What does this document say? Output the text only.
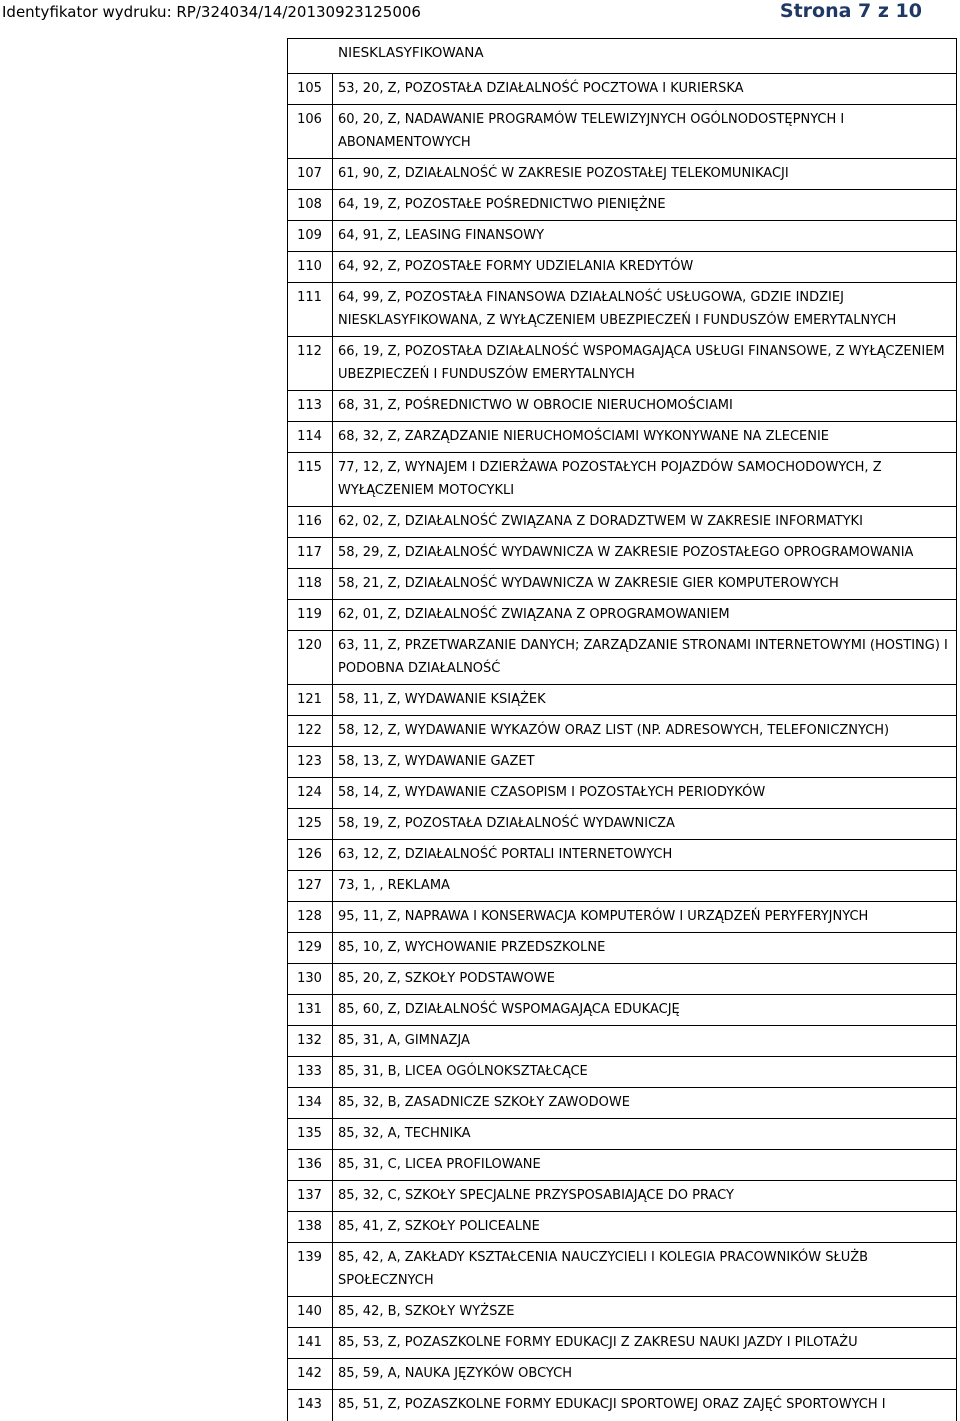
Identyfikator wydruku: RP/324034/14/20130923125006	Strona 7 z 10
NIESKLASYFIKOWANA
105	53, 20, Z, POZOSTAŁA DZIAŁALNOŚĆ POCZTOWA I KURIERSKA
106	60, 20, Z, NADAWANIE PROGRAMÓW TELEWIZYJNYCH OGÓLNODOSTĘPNYCH I ABONAMENTOWYCH
107	61, 90, Z, DZIAŁALNOŚĆ W ZAKRESIE POZOSTAŁEJ TELEKOMUNIKACJI
108	64, 19, Z, POZOSTAŁE POŚREDNICTWO PIENIĘŻNE
109	64, 91, Z, LEASING FINANSOWY
110	64, 92, Z, POZOSTAŁE FORMY UDZIELANIA KREDYTÓW
111	64, 99, Z, POZOSTAŁA FINANSOWA DZIAŁALNOŚĆ USŁUGOWA, GDZIE INDZIEJ NIESKLASYFIKOWANA, Z WYŁĄCZENIEM UBEZPIECZEŃ I FUNDUSZÓW EMERYTALNYCH
112	66, 19, Z, POZOSTAŁA DZIAŁALNOŚĆ WSPOMAGAJĄCA USŁUGI FINANSOWE, Z WYŁĄCZENIEM UBEZPIECZEŃ I FUNDUSZÓW EMERYTALNYCH
113	68, 31, Z, POŚREDNICTWO W OBROCIE NIERUCHOMOŚCIAMI
114	68, 32, Z, ZARZĄDZANIE NIERUCHOMOŚCIAMI WYKONYWANE NA ZLECENIE
115	77, 12, Z, WYNAJEM I DZIERŻAWA POZOSTAŁYCH POJAZDÓW SAMOCHODOWYCH, Z WYŁĄCZENIEM MOTOCYKLI
116	62, 02, Z, DZIAŁALNOŚĆ ZWIĄZANA Z DORADZTWEM W ZAKRESIE INFORMATYKI
117	58, 29, Z, DZIAŁALNOŚĆ WYDAWNICZA W ZAKRESIE POZOSTAŁEGO OPROGRAMOWANIA
118	58, 21, Z, DZIAŁALNOŚĆ WYDAWNICZA W ZAKRESIE GIER KOMPUTEROWYCH
119	62, 01, Z, DZIAŁALNOŚĆ ZWIĄZANA Z OPROGRAMOWANIEM
120	63, 11, Z, PRZETWARZANIE DANYCH; ZARZĄDZANIE STRONAMI INTERNETOWYMI (HOSTING) I PODOBNA DZIAŁALNOŚĆ
121	58, 11, Z, WYDAWANIE KSIĄŻEK
122	58, 12, Z, WYDAWANIE WYKAZÓW ORAZ LIST (NP. ADRESOWYCH, TELEFONICZNYCH)
123	58, 13, Z, WYDAWANIE GAZET
124	58, 14, Z, WYDAWANIE CZASOPISM I POZOSTAŁYCH PERIODYKÓW
125	58, 19, Z, POZOSTAŁA DZIAŁALNOŚĆ WYDAWNICZA
126	63, 12, Z, DZIAŁALNOŚĆ PORTALI INTERNETOWYCH
127	73, 1, , REKLAMA
128	95, 11, Z, NAPRAWA I KONSERWACJA KOMPUTERÓW I URZĄDZEŃ PERYFERYJNYCH
129	85, 10, Z, WYCHOWANIE PRZEDSZKOLNE
130	85, 20, Z, SZKOŁY PODSTAWOWE
131	85, 60, Z, DZIAŁALNOŚĆ WSPOMAGAJĄCA EDUKACJĘ
132	85, 31, A, GIMNAZJA
133	85, 31, B, LICEA OGÓLNOKSZTAŁCĄCE
134	85, 32, B, ZASADNICZE SZKOŁY ZAWODOWE
135	85, 32, A, TECHNIKA
136	85, 31, C, LICEA PROFILOWANE
137	85, 32, C, SZKOŁY SPECJALNE PRZYSPOSABIAJĄCE DO PRACY
138	85, 41, Z, SZKOŁY POLICEALNE
139	85, 42, A, ZAKŁADY KSZTAŁCENIA NAUCZYCIELI I KOLEGIA PRACOWNIKÓW SŁUŻB SPOŁECZNYCH
140	85, 42, B, SZKOŁY WYŻSZE
141	85, 53, Z, POZASZKOLNE FORMY EDUKACJI Z ZAKRESU NAUKI JAZDY I PILOTAŻU
142	85, 59, A, NAUKA JĘZYKÓW OBCYCH
143	85, 51, Z, POZASZKOLNE FORMY EDUKACJI SPORTOWEJ ORAZ ZAJĘĆ SPORTOWYCH I
